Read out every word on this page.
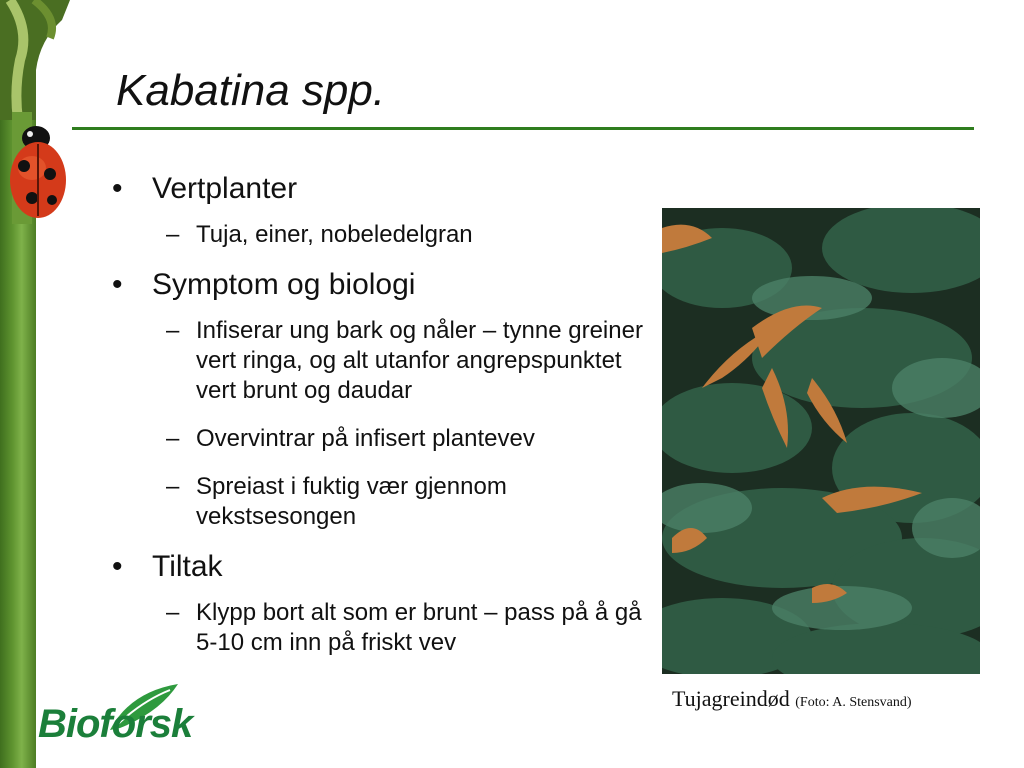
Kabatina spp.
• Vertplanter
– Tuja, einer, nobeledelgran
• Symptom og biologi
– Infiserar ung bark og nåler – tynne greiner vert ringa, og alt utanfor angrepspunktet vert brunt og daudar
– Overvintrar på infisert plantevev
– Spreiast i fuktig vær gjennom vekstsesongen
• Tiltak
– Klypp bort alt som er brunt – pass på å gå 5-10 cm inn på friskt vev
Tujagreindød (Foto: A. Stensvand)
Bioforsk
